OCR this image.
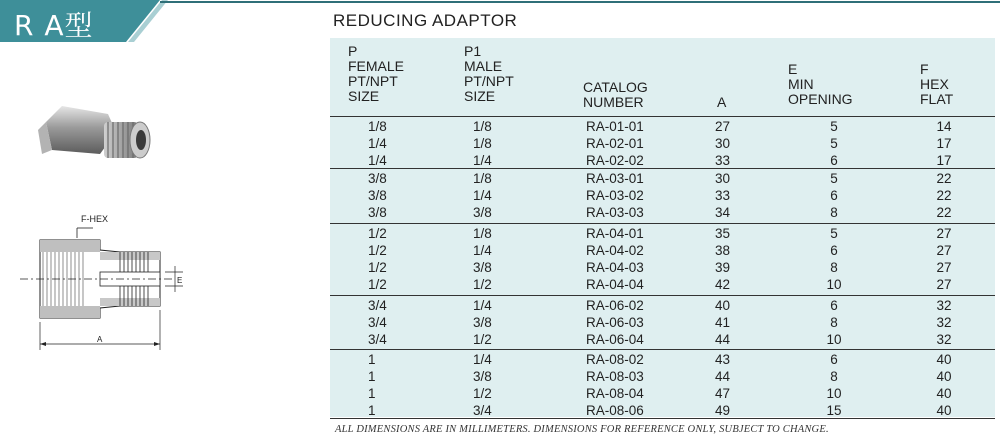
R A型
F-HEX
E
A
REDUCING ADAPTOR
P
FEMALE
PT/NPT
SIZE
P1
MALE
PT/NPT
SIZE
CATALOG
NUMBER	A
E
MIN
OPENING
F
HEX
FLAT
1/8	1/8	RA-01-01	27	5	14
1/4	1/8	RA-02-01	30	5	17
1/4	1/4	RA-02-02	33	6	17
3/8	1/8	RA-03-01	30	5	22
3/8	1/4	RA-03-02	33	6	22
3/8	3/8	RA-03-03	34	8	22
1/2	1/8	RA-04-01	35	5	27
1/2	1/4	RA-04-02	38	6	27
1/2	3/8	RA-04-03	39	8	27
1/2	1/2	RA-04-04	42	10	27
3/4	1/4	RA-06-02	40	6	32
3/4	3/8	RA-06-03	41	8	32
3/4	1/2	RA-06-04	44	10	32
1	1/4	RA-08-02	43	6	40
1	3/8	RA-08-03	44	8	40
1	1/2	RA-08-04	47	10	40
1	3/4	RA-08-06	49	15	40
ALL DIMENSIONS ARE IN MILLIMETERS. DIMENSIONS FOR REFERENCE ONLY, SUBJECT TO CHANGE.
